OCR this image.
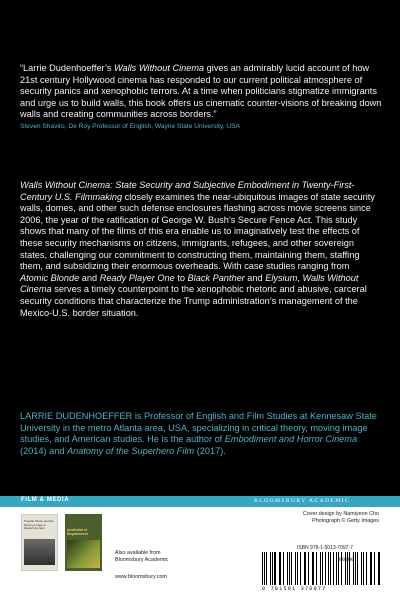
“Larrie Dudenhoeffer’s Walls Without Cinema gives an admirably lucid account of how 21st century Hollywood cinema has responded to our current political atmosphere of security panics and xenophobic terrors. At a time when politicians stigmatize immigrants and urge us to build walls, this book offers us cinematic counter-visions of breaking down walls and creating communities across borders.”

Steven Shaviro, De Roy Professor of English, Wayne State University, USA

Walls Without Cinema: State Security and Subjective Embodiment in Twenty-First-Century U.S. Filmmaking closely examines the near-ubiquitous images of state security walls, domes, and other such defense enclosures flashing across movie screens since 2006, the year of the ratification of George W. Bush’s Secure Fence Act. This study shows that many of the films of this era enable us to imaginatively test the effects of these security mechanisms on citizens, immigrants, refugees, and other sovereign states, challenging our commitment to constructing them, maintaining them, staffing them, and subsidizing their enormous overheads. With case studies ranging from Atomic Blonde and Ready Player One to Black Panther and Elysium, Walls Without Cinema serves a timely counterpoint to the xenophobic rhetoric and abusive, carceral security conditions that characterize the Trump administration’s management of the Mexico-U.S. border situation.

LARRIE DUDENHOEFFER is Professor of English and Film Studies at Kennesaw State University in the metro Atlanta area, USA, specializing in critical theory, moving image studies, and American studies. He is the author of Embodiment and Horror Cinema (2014) and Anatomy of the Superhero Film (2017).

FILM & MEDIA	BLOOMSBURY ACADEMIC
Popular Music and the Moving Image in Eastern Europe	Aesthetics of Displacement
Also available from
Bloomsbury Academic
www.bloomsbury.com
Cover design by Namiyeon Cho
Photograph © Getty Images
ISBN 978-1-5013-7097-7
90000
9 781501 370977
